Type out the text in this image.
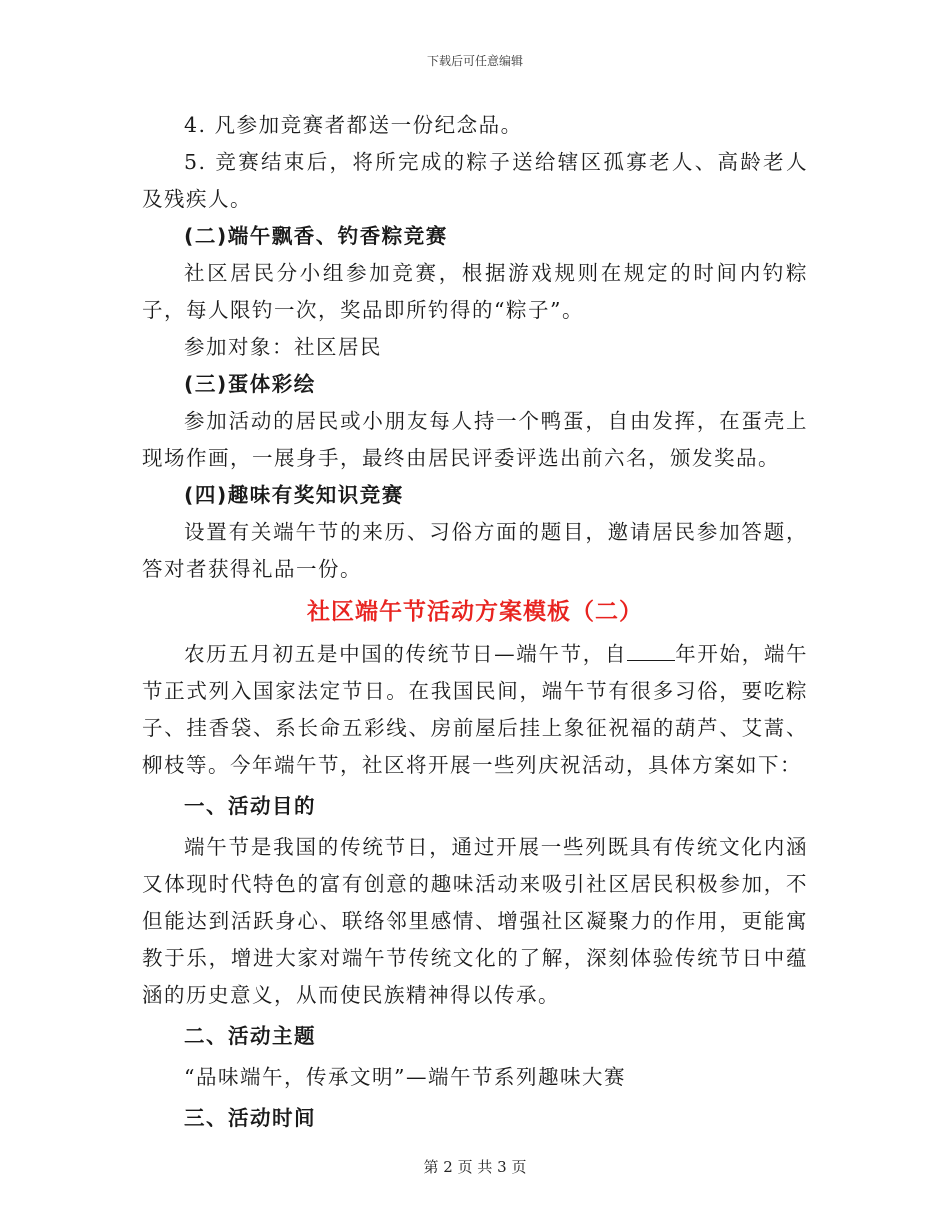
下载后可任意编辑

4. 凡参加竞赛者都送一份纪念品。

5. 竞赛结束后，将所完成的粽子送给辖区孤寡老人、高龄老人及残疾人。

(二)端午飘香、钓香粽竞赛

社区居民分小组参加竞赛，根据游戏规则在规定的时间内钓粽子，每人限钓一次，奖品即所钓得的“粽子”。

参加对象：社区居民

(三)蛋体彩绘

参加活动的居民或小朋友每人持一个鸭蛋，自由发挥，在蛋壳上现场作画，一展身手，最终由居民评委评选出前六名，颁发奖品。

(四)趣味有奖知识竞赛

设置有关端午节的来历、习俗方面的题目，邀请居民参加答题，答对者获得礼品一份。

社区端午节活动方案模板（二）

农历五月初五是中国的传统节日—端午节，自 年开始，端午节正式列入国家法定节日。在我国民间，端午节有很多习俗，要吃粽子、挂香袋、系长命五彩线、房前屋后挂上象征祝福的葫芦、艾蒿、柳枝等。今年端午节，社区将开展一些列庆祝活动，具体方案如下：

一、活动目的

端午节是我国的传统节日，通过开展一些列既具有传统文化内涵又体现时代特色的富有创意的趣味活动来吸引社区居民积极参加，不但能达到活跃身心、联络邻里感情、增强社区凝聚力的作用，更能寓教于乐，增进大家对端午节传统文化的了解，深刻体验传统节日中蕴涵的历史意义，从而使民族精神得以传承。

二、活动主题

“品味端午，传承文明”—端午节系列趣味大赛

三、活动时间

第 2 页 共 3 页
